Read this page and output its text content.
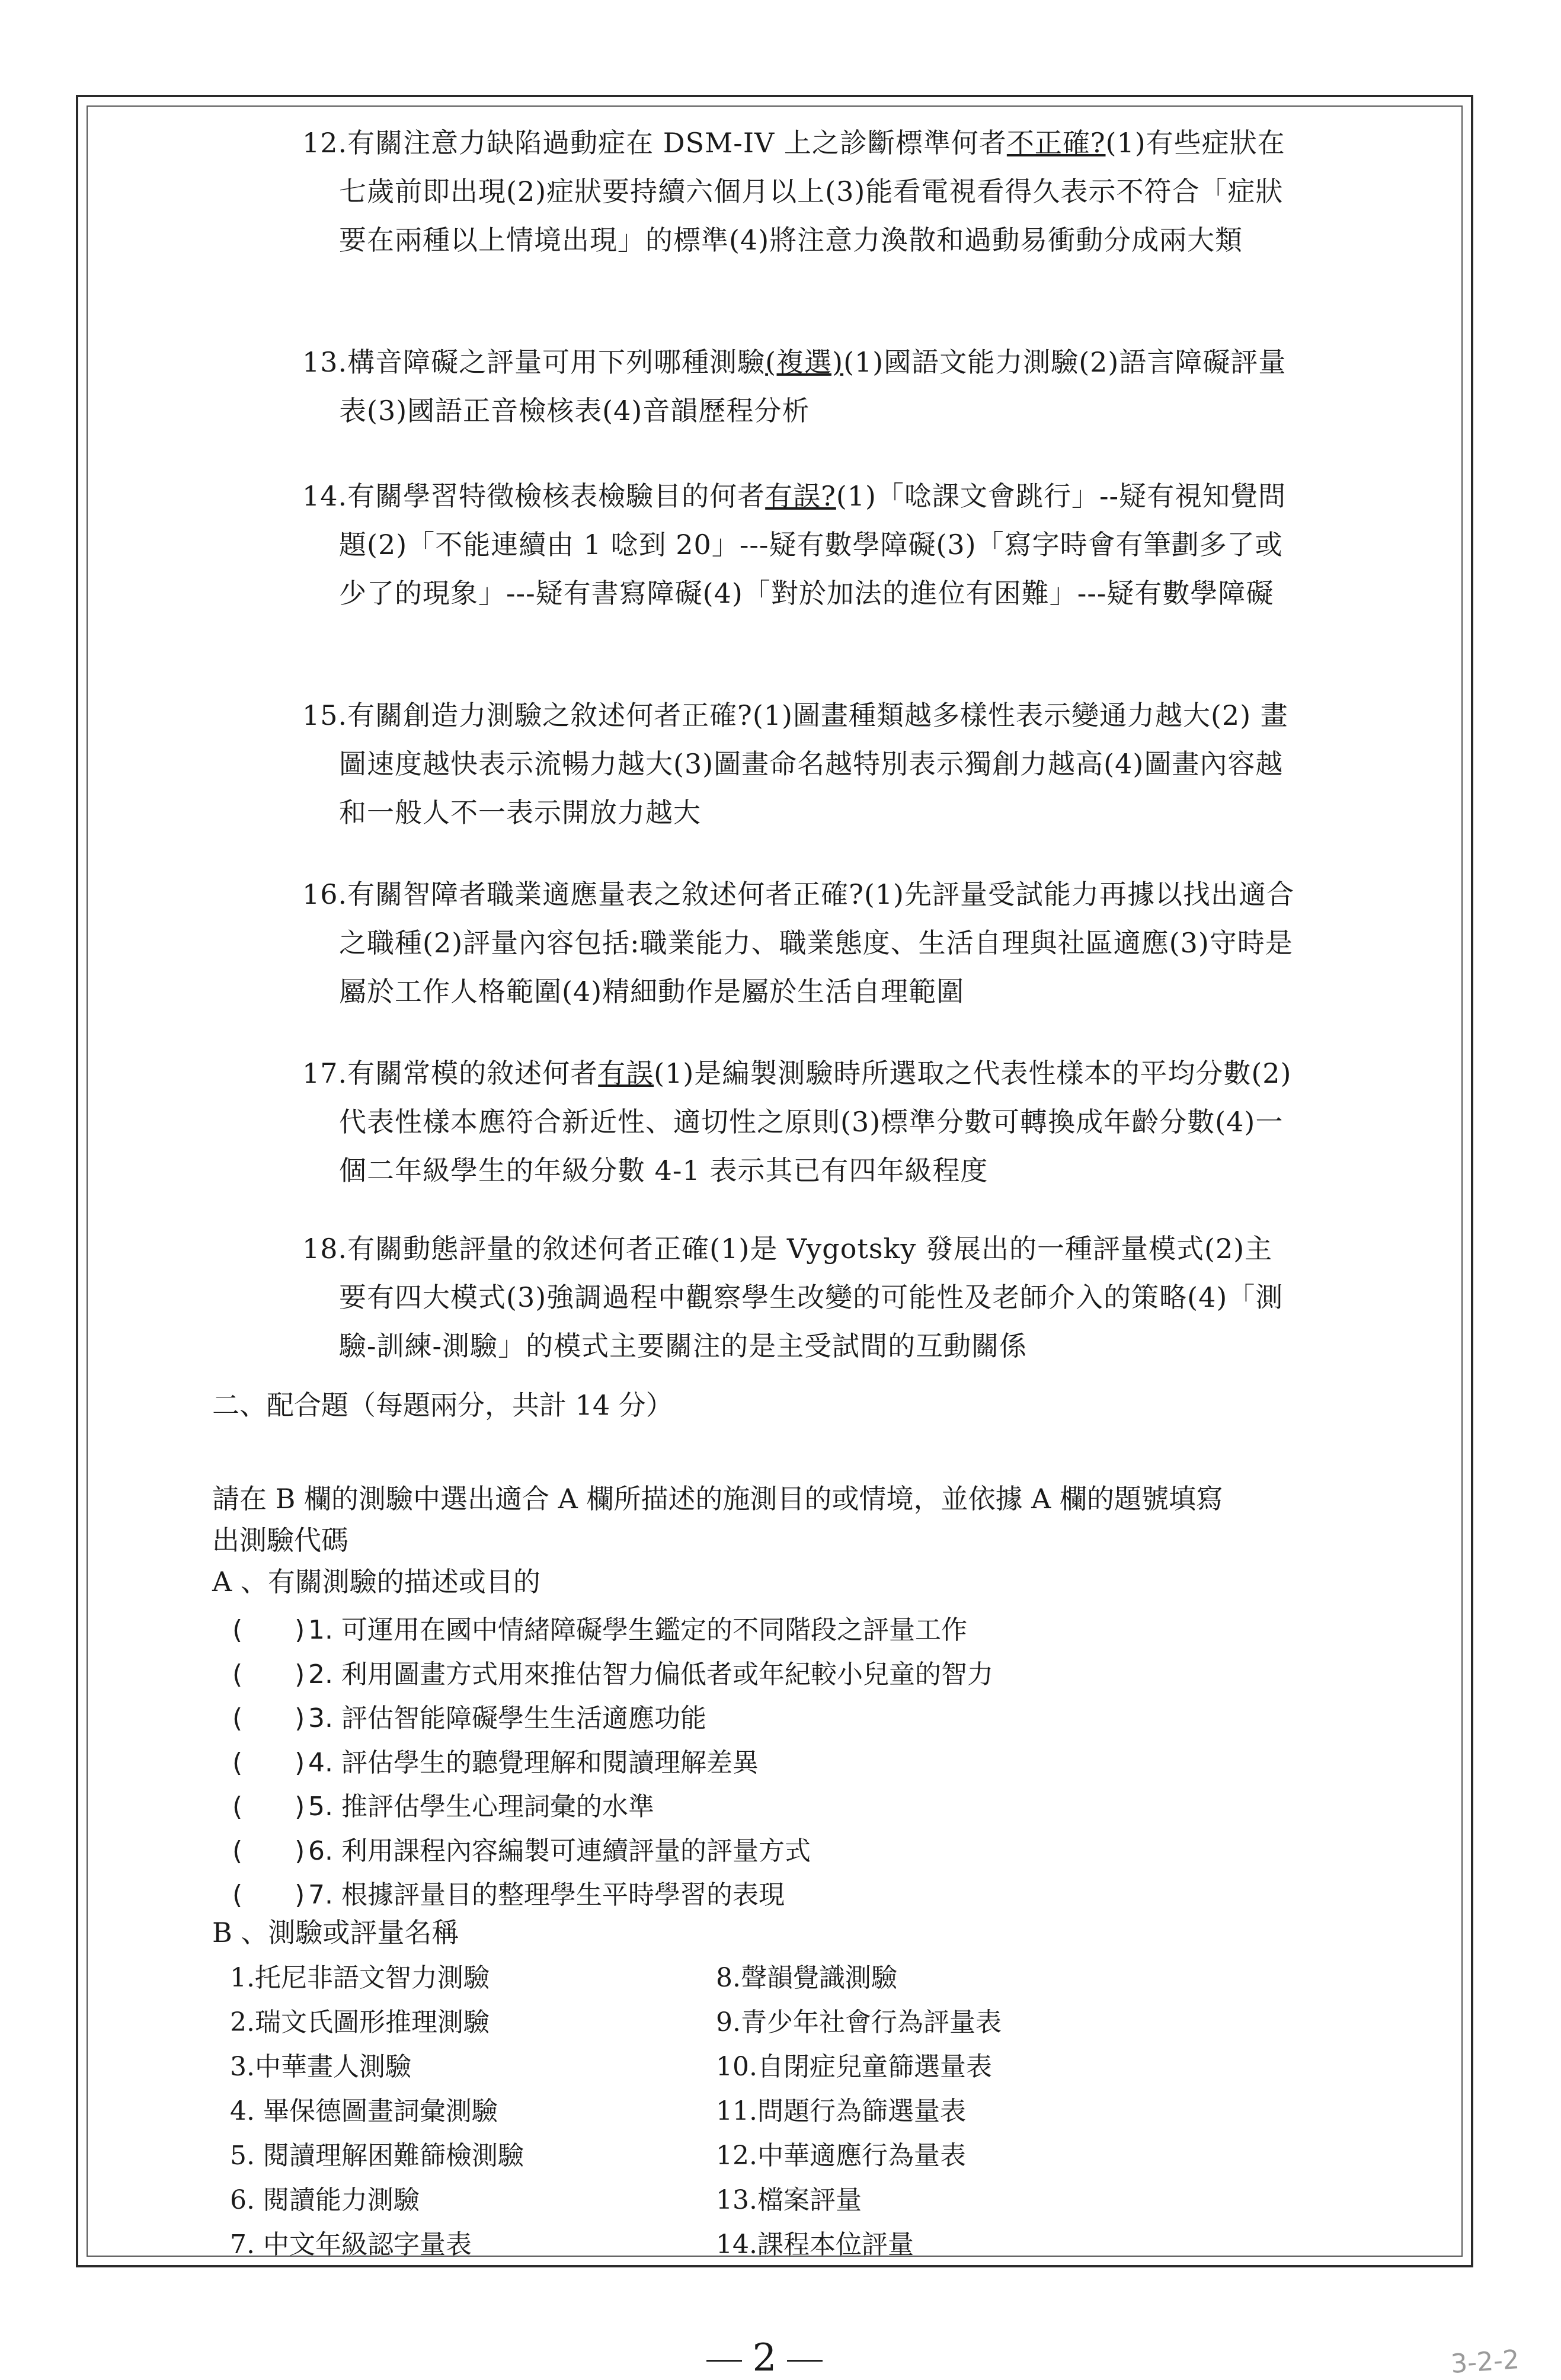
12.有關注意力缺陷過動症在 DSM-IV 上之診斷標準何者不正確?(1)有些症狀在七歲前即出現(2)症狀要持續六個月以上(3)能看電視看得久表示不符合「症狀要在兩種以上情境出現」的標準(4)將注意力渙散和過動易衝動分成兩大類

13.構音障礙之評量可用下列哪種測驗(複選)(1)國語文能力測驗(2)語言障礙評量表(3)國語正音檢核表(4)音韻歷程分析

14.有關學習特徵檢核表檢驗目的何者有誤?(1)「唸課文會跳行」--疑有視知覺問題(2)「不能連續由 1 唸到 20」---疑有數學障礙(3)「寫字時會有筆劃多了或少了的現象」---疑有書寫障礙(4)「對於加法的進位有困難」---疑有數學障礙

15.有關創造力測驗之敘述何者正確?(1)圖畫種類越多樣性表示變通力越大(2) 畫圖速度越快表示流暢力越大(3)圖畫命名越特別表示獨創力越高(4)圖畫內容越和一般人不一表示開放力越大

16.有關智障者職業適應量表之敘述何者正確?(1)先評量受試能力再據以找出適合之職種(2)評量內容包括:職業能力、職業態度、生活自理與社區適應(3)守時是屬於工作人格範圍(4)精細動作是屬於生活自理範圍

17.有關常模的敘述何者有誤(1)是編製測驗時所選取之代表性樣本的平均分數(2)代表性樣本應符合新近性、適切性之原則(3)標準分數可轉換成年齡分數(4)一個二年級學生的年級分數 4-1 表示其已有四年級程度

18.有關動態評量的敘述何者正確(1)是 Vygotsky 發展出的一種評量模式(2)主要有四大模式(3)強調過程中觀察學生改變的可能性及老師介入的策略(4)「測驗-訓練-測驗」的模式主要關注的是主受試間的互動關係

二、配合題（每題兩分，共計 14 分）

請在 B 欄的測驗中選出適合 A 欄所描述的施測目的或情境，並依據 A 欄的題號填寫出測驗代碼

A 、有關測驗的描述或目的

(　　) 1. 可運用在國中情緒障礙學生鑑定的不同階段之評量工作
(　　) 2. 利用圖畫方式用來推估智力偏低者或年紀較小兒童的智力
(　　) 3. 評估智能障礙學生生活適應功能
(　　) 4. 評估學生的聽覺理解和閱讀理解差異
(　　) 5. 推評估學生心理詞彙的水準
(　　) 6. 利用課程內容編製可連續評量的評量方式
(　　) 7. 根據評量目的整理學生平時學習的表現

B 、測驗或評量名稱

1.托尼非語文智力測驗
2.瑞文氏圖形推理測驗
3.中華畫人測驗
4. 畢保德圖畫詞彙測驗
5. 閱讀理解困難篩檢測驗
6. 閱讀能力測驗
7. 中文年級認字量表
8.聲韻覺識測驗
9.青少年社會行為評量表
10.自閉症兒童篩選量表
11.問題行為篩選量表
12.中華適應行為量表
13.檔案評量
14.課程本位評量
2	3-2-2
